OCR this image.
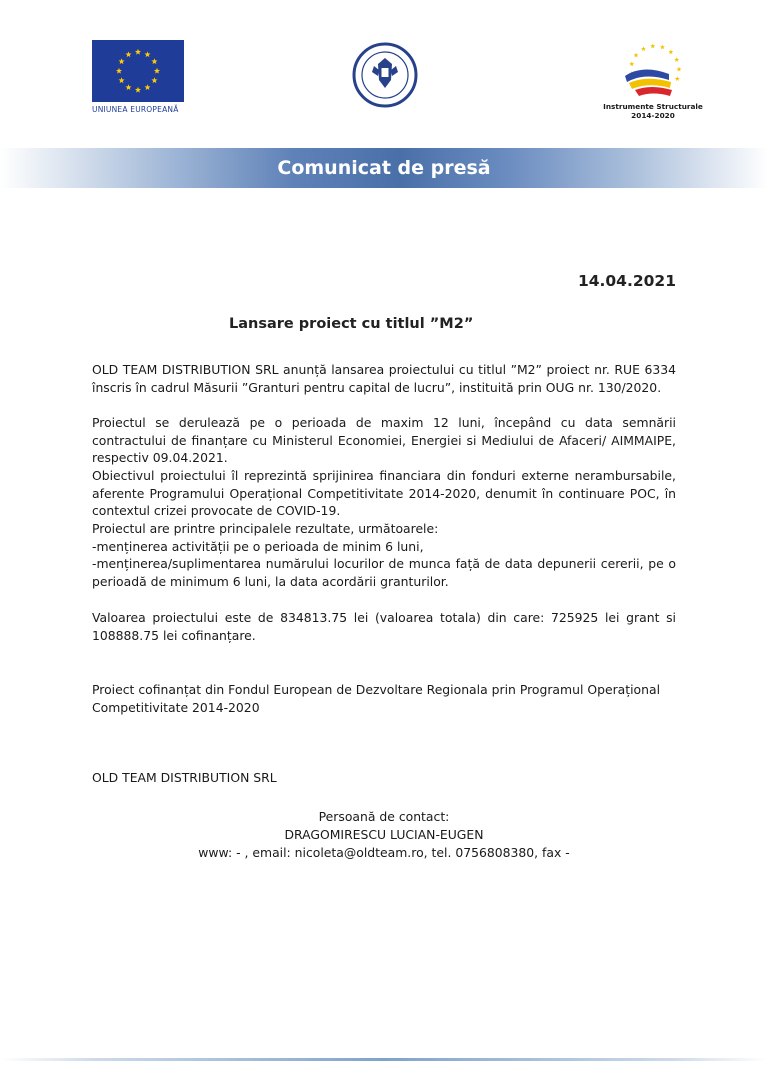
UNIUNEA EUROPEANĂ	Instrumente Structurale
2014-2020
Comunicat de presă
14.04.2021
Lansare proiect cu titlul ”M2”

OLD TEAM DISTRIBUTION SRL anunță lansarea proiectului cu titlul ”M2” proiect nr. RUE 6334 înscris în cadrul Măsurii ”Granturi pentru capital de lucru”, instituită prin OUG nr. 130/2020.

Proiectul se derulează pe o perioada de maxim 12 luni, începând cu data semnării contractului de finanțare cu Ministerul Economiei, Energiei si Mediului de Afaceri/ AIMMAIPE, respectiv 09.04.2021.

Obiectivul proiectului îl reprezintă sprijinirea financiara din fonduri externe nerambursabile, aferente Programului Operațional Competitivitate 2014-2020, denumit în continuare POC, în contextul crizei provocate de COVID-19.

Proiectul are printre principalele rezultate, următoarele:

-menținerea activității pe o perioada de minim 6 luni,

-menținerea/suplimentarea numărului locurilor de munca față de data depunerii cererii, pe o perioadă de minimum 6 luni, la data acordării granturilor.

Valoarea proiectului este de 834813.75 lei (valoarea totala) din care: 725925 lei grant si 108888.75 lei cofinanțare.

Proiect cofinanțat din Fondul European de Dezvoltare Regionala prin Programul Operațional Competitivitate 2014-2020

OLD TEAM DISTRIBUTION SRL

Persoană de contact:
DRAGOMIRESCU LUCIAN-EUGEN
www: - , email: nicoleta@oldteam.ro, tel. 0756808380, fax -
